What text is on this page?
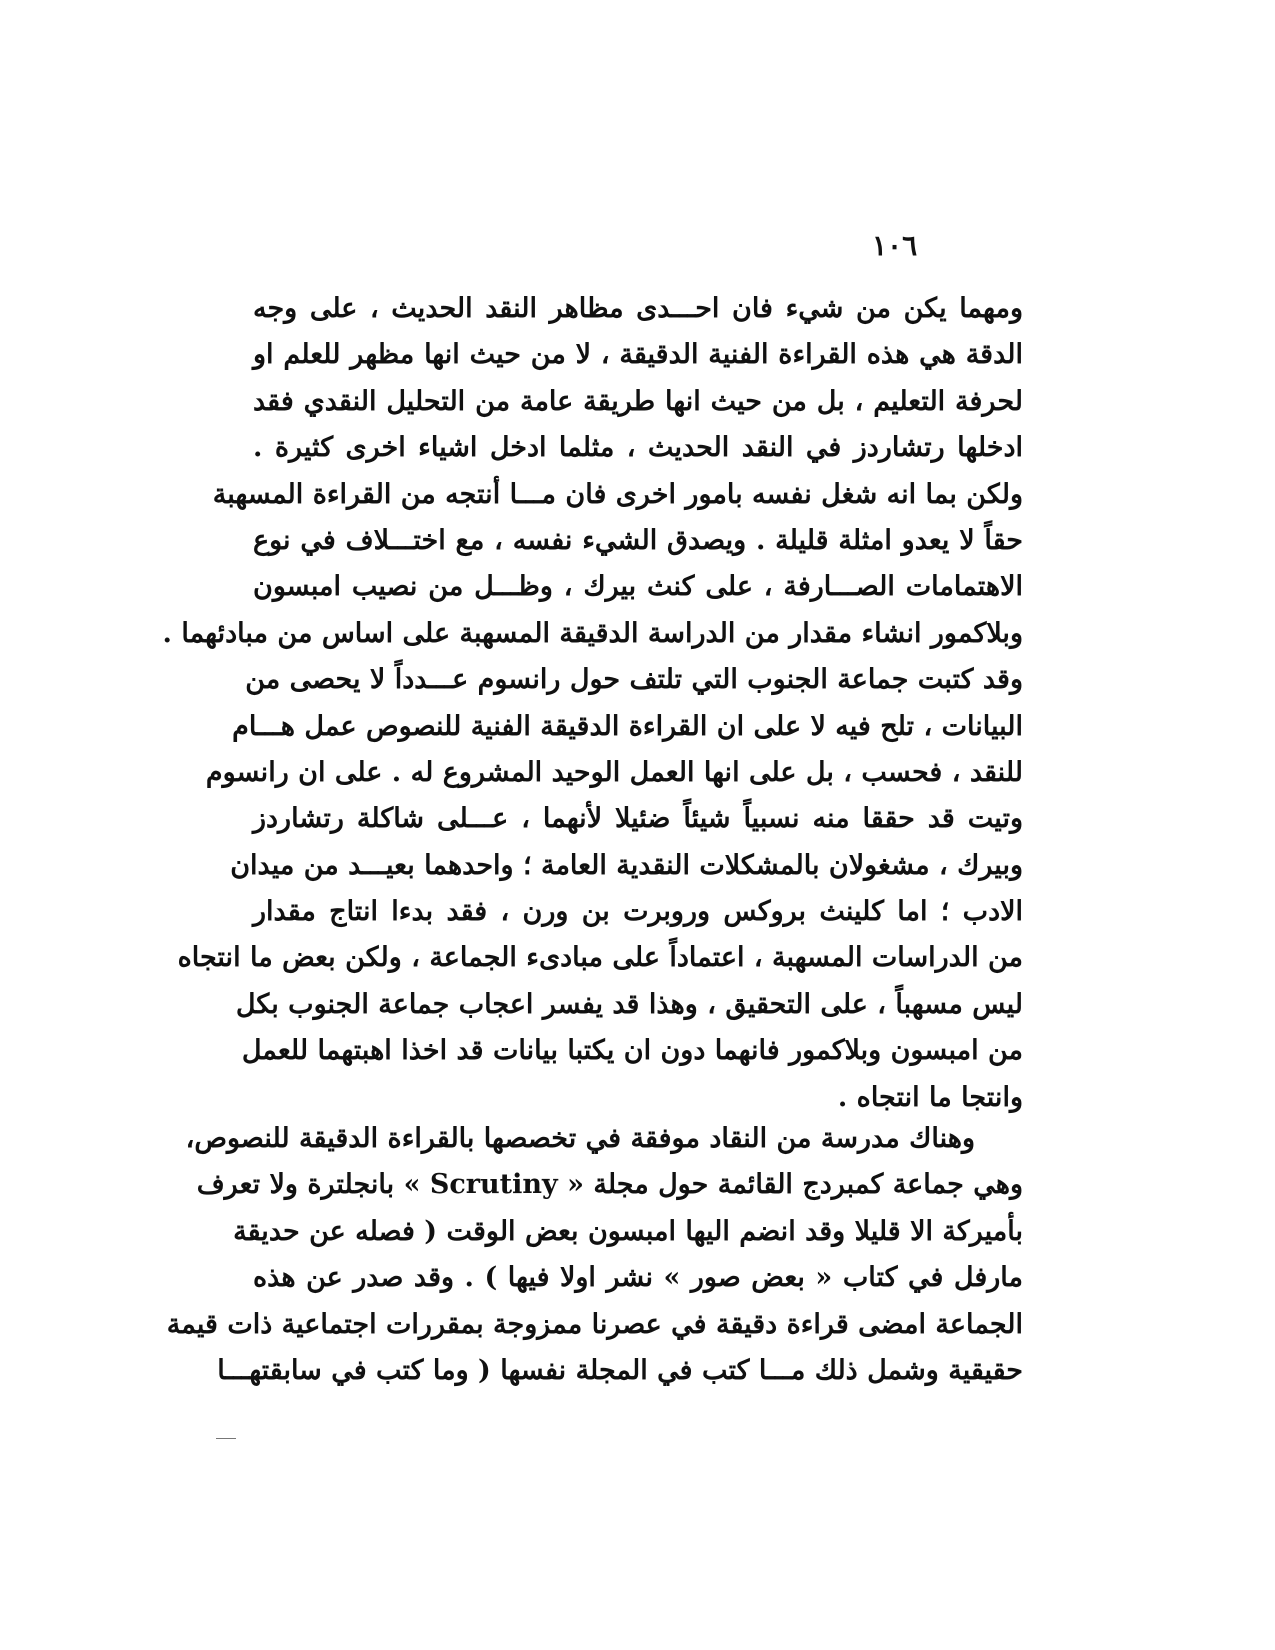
١٠٦
ومهما يكن من شيء فان احـــدى مظاهر النقد الحديث ، على وجه
الدقة هي هذه القراءة الفنية الدقيقة ، لا من حيث انها مظهر للعلم او
لحرفة التعليم ، بل من حيث انها طريقة عامة من التحليل النقدي فقد
ادخلها رتشاردز في النقد الحديث ، مثلما ادخل اشياء اخرى كثيرة .
ولكن بما انه شغل نفسه بامور اخرى فان مـــا أنتجه من القراءة المسهبة
حقاً لا يعدو امثلة قليلة . ويصدق الشيء نفسه ، مع اختـــلاف في نوع
الاهتمامات الصـــارفة ، على كنث بيرك ، وظـــل من نصيب امبسون
وبلاكمور انشاء مقدار من الدراسة الدقيقة المسهبة على اساس من مبادئهما .
وقد كتبت جماعة الجنوب التي تلتف حول رانسوم عـــدداً لا يحصى من
البيانات ، تلح فيه لا على ان القراءة الدقيقة الفنية للنصوص عمل هـــام
للنقد ، فحسب ، بل على انها العمل الوحيد المشروع له . على ان رانسوم
وتيت قد حققا منه نسبياً شيئاً ضئيلا لأنهما ، عـــلى شاكلة رتشاردز
وبيرك ، مشغولان بالمشكلات النقدية العامة ؛ واحدهما بعيـــد من ميدان
الادب ؛ اما كلينث بروكس وروبرت بن ورن ، فقد بدءا انتاج مقدار
من الدراسات المسهبة ، اعتماداً على مبادىء الجماعة ، ولكن بعض ما انتجاه
ليس مسهباً ، على التحقيق ، وهذا قد يفسر اعجاب جماعة الجنوب بكل
من امبسون وبلاكمور فانهما دون ان يكتبا بيانات قد اخذا اهبتهما للعمل
وانتجا ما انتجاه .
وهناك مدرسة من النقاد موفقة في تخصصها بالقراءة الدقيقة للنصوص،
وهي جماعة كمبردج القائمة حول مجلة « Scrutiny » بانجلترة ولا تعرف
بأميركة الا قليلا وقد انضم اليها امبسون بعض الوقت ( فصله عن حديقة
مارفل في كتاب « بعض صور » نشر اولا فيها ) . وقد صدر عن هذه
الجماعة امضى قراءة دقيقة في عصرنا ممزوجة بمقررات اجتماعية ذات قيمة
حقيقية وشمل ذلك مـــا كتب في المجلة نفسها ( وما كتب في سابقتهـــا
